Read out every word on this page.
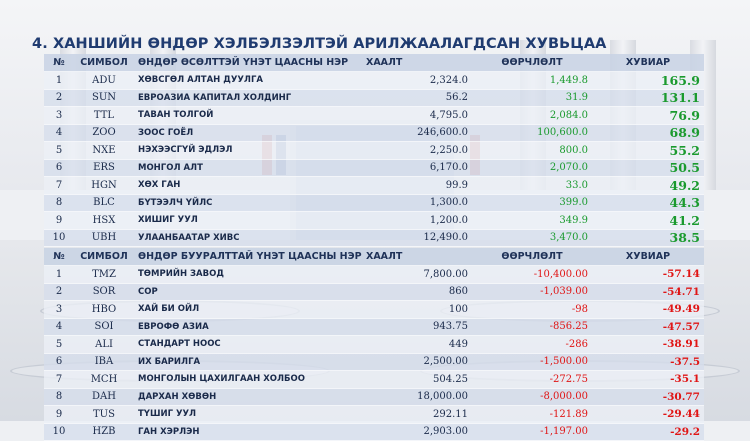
4. ХАНШИЙН ӨНДӨР ХЭЛБЭЛЗЭЛТЭЙ АРИЛЖААЛАГДСАН ХУВЬЦАА
№	СИМБОЛ	ӨНДӨР ӨСӨЛТТЭЙ ҮНЭТ ЦААСНЫ НЭР	ХААЛТ	ӨӨРЧЛӨЛТ	ХУВИАР
1	ADU	ХӨВСГӨЛ АЛТАН ДУУЛГА	2,324.0	1,449.8	165.9
2	SUN	ЕВРОАЗИА КАПИТАЛ ХОЛДИНГ	56.2	31.9	131.1
3	TTL	ТАВАН ТОЛГОЙ	4,795.0	2,084.0	76.9
4	ZOO	ЗООС ГОЁЛ	246,600.0	100,600.0	68.9
5	NXE	НЭХЭЭСГҮЙ ЭДЛЭЛ	2,250.0	800.0	55.2
6	ERS	МОНГОЛ АЛТ	6,170.0	2,070.0	50.5
7	HGN	ХӨХ ГАН	99.9	33.0	49.2
8	BLC	БҮТЭЭЛЧ ҮЙЛС	1,300.0	399.0	44.3
9	HSX	ХИШИГ УУЛ	1,200.0	349.9	41.2
10	UBH	УЛААНБААТАР ХИВС	12,490.0	3,470.0	38.5
№	СИМБОЛ	ӨНДӨР БУУРАЛТТАЙ ҮНЭТ ЦААСНЫ НЭР	ХААЛТ	ӨӨРЧЛӨЛТ	ХУВИАР
1	TMZ	ТӨМРИЙН ЗАВОД	7,800.00	-10,400.00	-57.14
2	SOR	СОР	860	-1,039.00	-54.71
3	HBO	ХАЙ БИ ОЙЛ	100	-98	-49.49
4	SOI	ЕВРОФӨ АЗИА	943.75	-856.25	-47.57
5	ALI	СТАНДАРТ НООС	449	-286	-38.91
6	IBA	ИХ БАРИЛГА	2,500.00	-1,500.00	-37.5
7	MCH	МОНГОЛЫН ЦАХИЛГААН ХОЛБОО	504.25	-272.75	-35.1
8	DAH	ДАРХАН ХӨВӨН	18,000.00	-8,000.00	-30.77
9	TUS	ТҮШИГ УУЛ	292.11	-121.89	-29.44
10	HZB	ГАН ХЭРЛЭН	2,903.00	-1,197.00	-29.2
